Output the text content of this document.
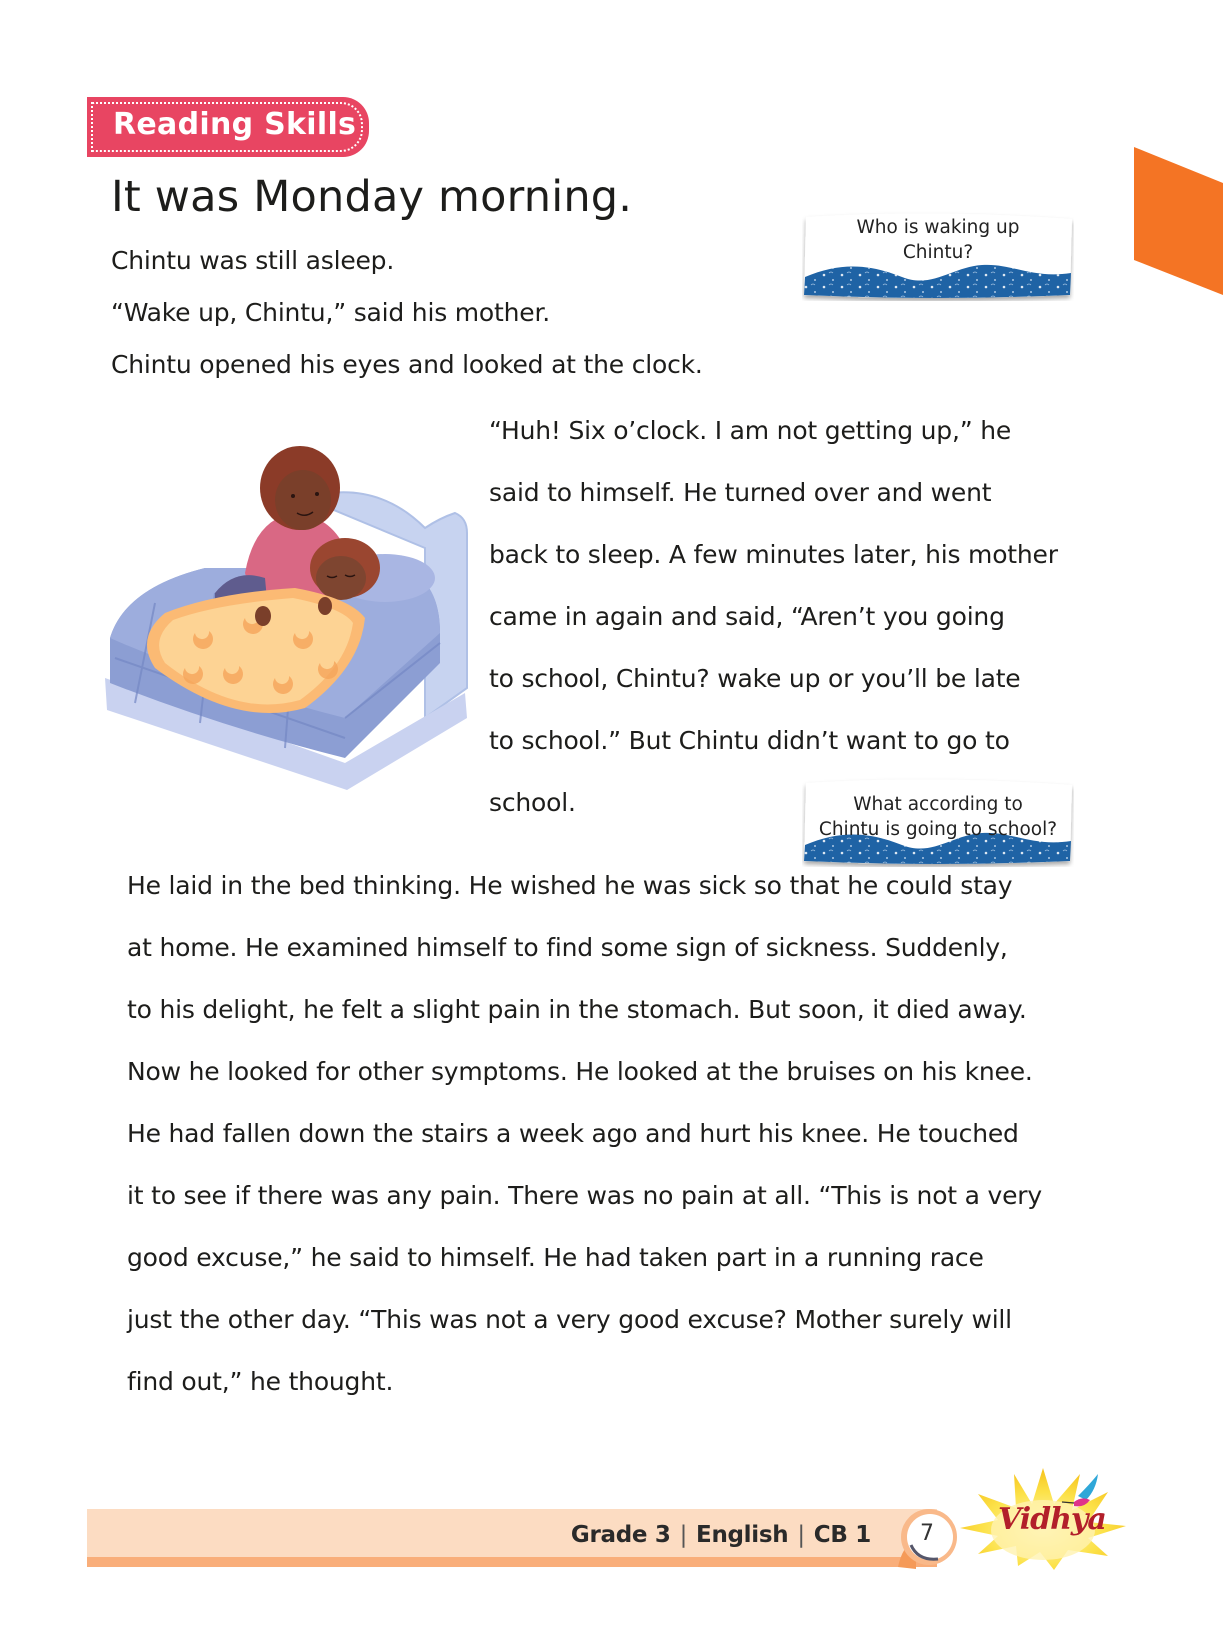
Reading Skills
It was Monday morning.
Chintu was still asleep.
“Wake up, Chintu,” said his mother.
Chintu opened his eyes and looked at the clock.
Who is waking up
Chintu?
“Huh! Six o’clock. I am not getting up,” he
said to himself. He turned over and went
back to sleep. A few minutes later, his mother
came in again and said, “Aren’t you going
to school, Chintu? wake up or you’ll be late
to school.” But Chintu didn’t want to go to
school.	What according to
Chintu is going to school?
He laid in the bed thinking. He wished he was sick so that he could stay
at home. He examined himself to find some sign of sickness. Suddenly,
to his delight, he felt a slight pain in the stomach. But soon, it died away.
Now he looked for other symptoms. He looked at the bruises on his knee.
He had fallen down the stairs a week ago and hurt his knee. He touched
it to see if there was any pain. There was no pain at all. “This is not a very
good excuse,” he said to himself. He had taken part in a running race
just the other day. “This was not a very good excuse? Mother surely will
find out,” he thought.
Grade 3 | English | CB 1	7	Vidhya
